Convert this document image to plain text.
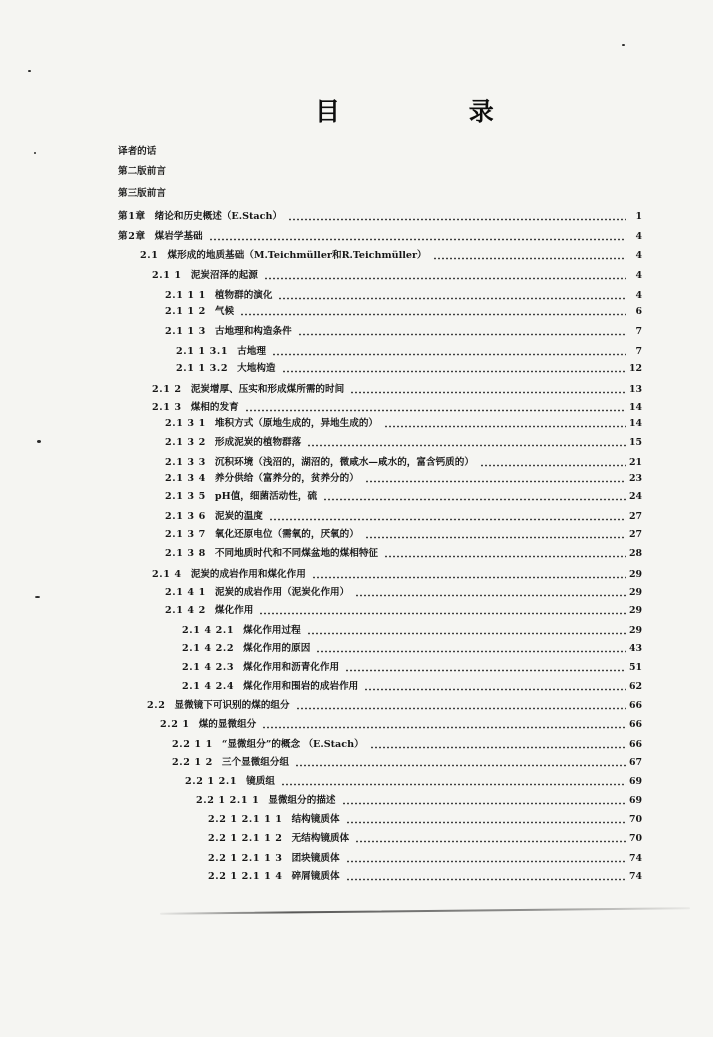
目 录
译者的话
第二版前言
第三版前言
第1章 绪论和历史概述（E.Stach）	1
第2章 煤岩学基础	4
2.1 煤形成的地质基础（M.Teichmüller和R.Teichmüller）	4
2.1 1 泥炭沼泽的起源	4
2.1 1 1 植物群的演化	4
2.1 1 2 气候	6
2.1 1 3 古地理和构造条件	7
2.1 1 3.1 古地理	7
2.1 1 3.2 大地构造	12
2.1 2 泥炭增厚、压实和形成煤所需的时间	13
2.1 3 煤相的发育	14
2.1 3 1 堆积方式（原地生成的，异地生成的）	14
2.1 3 2 形成泥炭的植物群落	15
2.1 3 3 沉积环境（浅沼的，湖沼的，微咸水—咸水的，富含钙质的）	21
2.1 3 4 养分供给（富养分的，贫养分的）	23
2.1 3 5 pH值，细菌活动性，硫	24
2.1 3 6 泥炭的温度	27
2.1 3 7 氧化还原电位（需氧的，厌氧的）	27
2.1 3 8 不同地质时代和不同煤盆地的煤相特征	28
2.1 4 泥炭的成岩作用和煤化作用	29
2.1 4 1 泥炭的成岩作用（泥炭化作用）	29
2.1 4 2 煤化作用	29
2.1 4 2.1 煤化作用过程	29
2.1 4 2.2 煤化作用的原因	43
2.1 4 2.3 煤化作用和沥青化作用	51
2.1 4 2.4 煤化作用和围岩的成岩作用	62
2.2 显微镜下可识别的煤的组分	66
2.2 1 煤的显微组分	66
2.2 1 1 “显微组分”的概念 （E.Stach）	66
2.2 1 2 三个显微组分组	67
2.2 1 2.1 镜质组	69
2.2 1 2.1 1 显微组分的描述	69
2.2 1 2.1 1 1 结构镜质体	70
2.2 1 2.1 1 2 无结构镜质体	70
2.2 1 2.1 1 3 团块镜质体	74
2.2 1 2.1 1 4 碎屑镜质体	74
